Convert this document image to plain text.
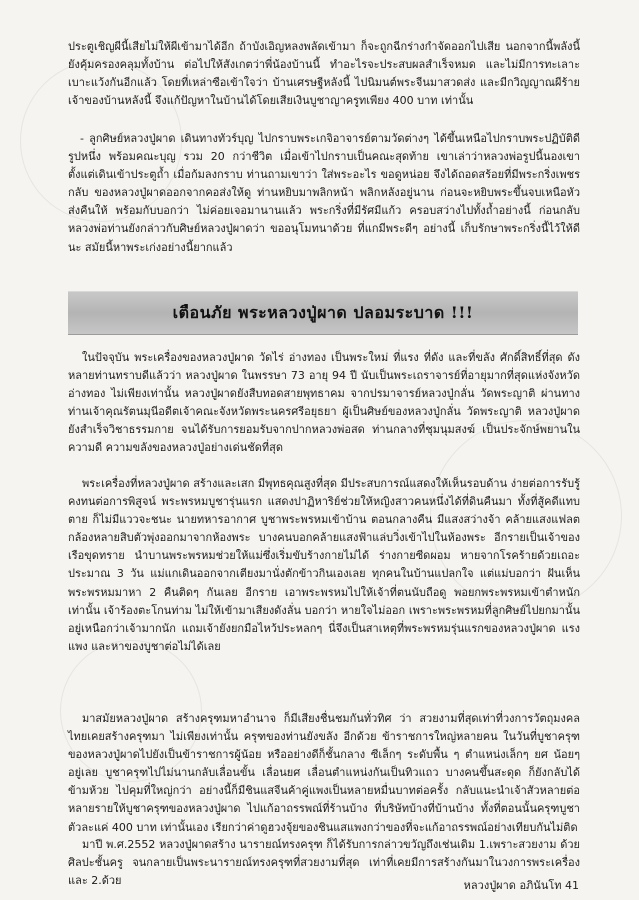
ประตูเชิญผีนี้เสียไม่ให้ผีเข้ามาได้อีก ถ้าบังเอิญหลงพลัดเข้ามา ก็จะถูกฉีกร่างกำจัดออกไปเสีย นอกจากนี้พลังนี้ยังคุ้มครองคลุมทั้งบ้าน ต่อไปให้สังเกตว่าพี่น้องบ้านนี้ ทำอะไรจะประสบผลสำเร็จหมด และไม่มีการทะเลาะเบาะแว้งกันอีกแล้ว โดยที่เหล่าซือเข้าใจว่า บ้านเศรษฐีหลังนี้ ไปนิมนต์พระจีนมาสวดส่ง และมีกวิญญาณผีร้ายเจ้าของบ้านหลังนี้ จึงแก้ปัญหาในบ้านได้โดยเสียเงินบูชาญาครูทเพียง 400 บาท เท่านั้น

- ลูกศิษย์หลวงปู่ผาด เดินทางทัวร์บุญ ไปกราบพระเกจิอาจารย์ตามวัดต่างๆ ได้ขึ้นเหนือไปกราบพระปฏิบัติดีรูปหนึ่ง พร้อมคณะบุญ รวม 20 กว่าชีวิต เมื่อเข้าไปกราบเป็นคณะสุดท้าย เขาเล่าว่าหลวงพ่อรูปนี้นองเขาตั้งแต่เดินเข้าประตูถ้ำ เมื่อก้มลงกราบ ท่านถามเขาว่า ใส่พระอะไร ขอดูหน่อย จึงได้ถอดสร้อยที่มีพระกริ่งเพชรกลับ ของหลวงปู่ผาดออกจากคอส่งให้ดู ท่านหยิบมาพลิกหน้า พลิกหลังอยู่นาน ก่อนจะหยิบพระขึ้นจบเหนือหัวส่งคืนให้ พร้อมกับบอกว่า ไม่ค่อยเจอมานานแล้ว พระกริ่งที่มีรัศมีแก้ว ครอบสว่างไปทั้งถ้ำอย่างนี้ ก่อนกลับ หลวงพ่อท่านยังกล่าวกับศิษย์หลวงปู่ผาดว่า ขออนุโมทนาด้วย ที่แกมีพระดีๆ อย่างนี้ เก็บรักษาพระกริ่งนี้ไว้ให้ดีนะ สมัยนี้หาพระเก่งอย่างนี้ยากแล้ว

เตือนภัย พระหลวงปู่ผาด ปลอมระบาด !!!

ในปัจจุบัน พระเครื่องของหลวงปู่ผาด วัดไร่ อ่างทอง เป็นพระใหม่ ที่แรง ที่ดัง และที่ขลัง ศักดิ์สิทธิ์ที่สุด ดังหลายท่านทราบดีแล้วว่า หลวงปู่ผาด ในพรรษา 73 อายุ 94 ปี นับเป็นพระเถราจารย์ที่อายุมากที่สุดแห่งจังหวัดอ่างทอง ไม่เพียงเท่านั้น หลวงปู่ผาดยังสืบทอดสายพุทธาคม จากปรมาจารย์หลวงปู่กลั่น วัดพระญาติ ผ่านทางท่านเจ้าคุณรัตนมุนีอดีตเจ้าคณะจังหวัดพระนครศรีอยุธยา ผู้เป็นศิษย์ของหลวงปู่กลั่น วัดพระญาติ หลวงปู่ผาด ยังสำเร็จวิชาธรรมกาย จนได้รับการยอมรับจากปากหลวงพ่อสด ท่านกลางที่ชุมนุมสงฆ์ เป็นประจักษ์พยานในความดี ความขลังของหลวงปู่อย่างเด่นชัดที่สุด

พระเครื่องที่หลวงปู่ผาด สร้างและเสก มีพุทธคุณสูงที่สุด มีประสบการณ์แสดงให้เห็นรอบด้าน ง่ายต่อการรับรู้คงทนต่อการพิสูจน์ พระพรหมบูชารุ่นแรก แสดงปาฏิหาริย์ช่วยให้หญิงสาวคนหนึ่งได้ที่ดินคืนมา ทั้งที่สู้คดีแทบตาย ก็ไม่มีแววจะชนะ นายทหารอากาศ บูชาพระพรหมเข้าบ้าน ตอนกลางคืน มีแสงสว่างจ้า คล้ายแสงแฟลตกล้องหลายสิบตัวพุ่งออกมาจากห้องพระ บางคนบอกคล้ายแสงฟ้าแล่บวิ่งเข้าไปในห้องพระ อีกรายเป็นเจ้าของเรือขุดทราย นำบานพระพรหมช่วยให้แม่ซึ่งเริ่มขับร้างกายไม่ได้ ร่างกายซีดผอม หายจากโรคร้ายด้วยเถอะ ประมาณ 3 วัน แม่แกเดินออกจากเตียงมานั่งตักข้าวกินเองเลย ทุกคนในบ้านแปลกใจ แต่แม่บอกว่า ฝันเห็นพระพรหมมาหา 2 คืนติดๆ กันเลย อีกราย เอาพระพรหมไปให้เจ้าที่ตนนับถือดู พอยกพระพรหมเข้าตำหนักเท่านั้น เจ้าร้องตะโกนท่าม ไม่ให้เข้ามาเสียงดังลั่น บอกว่า หายใจไม่ออก เพราะพระพรหมที่ลูกศิษย์ไปยกมานั้น อยู่เหนือกว่าเจ้ามากนัก แถมเจ้ายังยกมือไหว้ประหลกๆ นี่จึงเป็นสาเหตุที่พระพรหมรุ่นแรกของหลวงปู่ผาด แรง แพง และหาของบูชาต่อไม่ได้เลย

มาสมัยหลวงปู่ผาด สร้างครุฑมหาอำนาจ ก็มีเสียงชื่นชมกันทั่วทิศ ว่า สวยงามที่สุดเท่าที่วงการวัตถุมงคลไทยเคยสร้างครุฑมา ไม่เพียงเท่านั้น ครุฑของท่านยังขลัง อีกด้วย ข้าราชการใหญ่หลายคน ในวันที่บูชาครุฑของหลวงปู่ผาดไปยังเป็นข้าราชการผู้น้อย หรืออย่างดีก็ชั้นกลาง ซีเล็กๆ ระดับพื้น ๆ ตำแหน่งเล็กๆ ยศ น้อยๆ อยู่เลย บูชาครุฑไปไม่นานกลับเลื่อนขั้น เลื่อนยศ เลื่อนตำแหน่งกันเป็นทิวแถว บางคนขึ้นสะดุด ก็ยังกลับได้ข้ามห้วย ไปคุมที่ใหญ่กว่า อย่างนี้ก็มีชินแสจีนค้าคู่แพงเป็นหลายหมื่นบาทต่อครั้ง กลับแนะนำเจ้าสัวหลายต่อหลายรายให้บูชาครุฑของหลวงปู่ผาด ไปแก้อาถรรพณ์ที่ร้านบ้าง ที่บริษัทบ้างที่บ้านบ้าง ทั้งที่ตอนนั้นครุฑบูชาตัวละแค่ 400 บาท เท่านั้นเอง เรียกว่าค่าดูฮวงจุ้ยของชินแสแพงกว่าของที่จะแก้อาถรรพณ์อย่างเทียบกันไม่ติด

มาปี พ.ศ.2552 หลวงปู่ผาดสร้าง นารายณ์ทรงครุฑ ก็ได้รับการกล่าวขวัญถึงเช่นเดิม 1.เพราะสวยงาม ด้วยศิลปะชั้นครู จนกลายเป็นพระนารายณ์ทรงครุฑที่สวยงามที่สุด เท่าที่เคยมีการสร้างกันมาในวงการพระเครื่อง และ 2.ด้วย	หลวงปู่ผาด อภินันโท 41
